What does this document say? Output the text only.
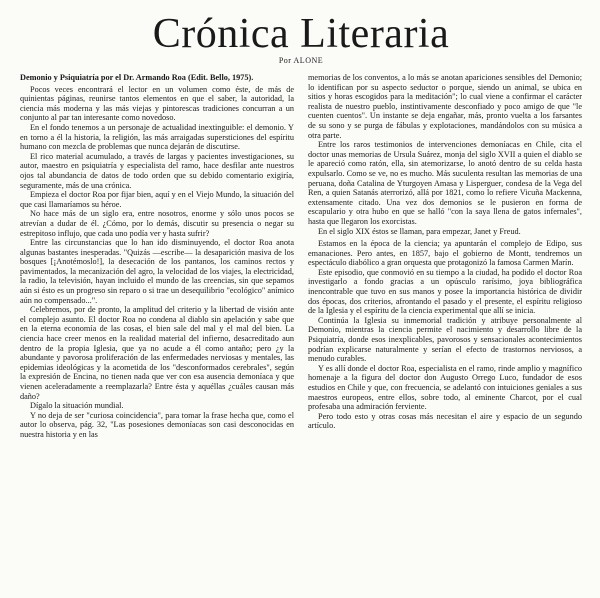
Crónica Literaria
Por ALONE

Demonio y Psiquiatría por el Dr. Armando Roa (Edit. Bello, 1975).

Pocos veces encontrará el lector en un volumen como éste, de más de quinientas páginas, reunirse tantos elementos en que el saber, la autoridad, la ciencia más moderna y las más viejas y pintorescas tradiciones concurran a un conjunto al par tan interesante como novedoso.

En el fondo tenemos a un personaje de actualidad inextinguible: el demonio. Y en torno a él la historia, la religión, las más arraigadas supersticiones del espíritu humano con mezcla de problemas que nunca dejarán de discutirse.

El rico material acumulado, a través de largas y pacientes investigaciones, su autor, maestro en psiquiatría y especialista del ramo, hace desfilar ante nuestros ojos tal abundancia de datos de todo orden que su debido comentario exigiría, seguramente, más de una crónica.

Empieza el doctor Roa por fijar bien, aquí y en el Viejo Mundo, la situación del que casi llamaríamos su héroe.

No hace más de un siglo era, entre nosotros, enorme y sólo unos pocos se atrevían a dudar de él. ¿Cómo, por lo demás, discutir su presencia o negar su estrepitoso influjo, que cada uno podía ver y hasta sufrir?

Entre las circunstancias que lo han ido disminuyendo, el doctor Roa anota algunas bastantes inesperadas. "Quizás —escribe— la desaparición masiva de los bosques [¡Anotémoslo!], la desecación de los pantanos, los caminos rectos y pavimentados, la mecanización del agro, la velocidad de los viajes, la electricidad, la radio, la televisión, hayan incluido el mundo de las creencias, sin que sepamos aún si ésto es un progreso sin reparo o si trae un desequilibrio "ecológico" anímico aún no compensado...".

Celebremos, por de pronto, la amplitud del criterio y la libertad de visión ante el complejo asunto. El doctor Roa no condena al diablo sin apelación y sabe que en la eterna economía de las cosas, el bien sale del mal y el mal del bien. La ciencia hace creer menos en la realidad material del infierno, desacreditado aun dentro de la propia Iglesia, que ya no acude a él como antaño; pero ¿y la abundante y pavorosa proliferación de las enfermedades nerviosas y mentales, las epidemias ideológicas y la acometida de los "desconformados cerebrales", según la expresión de Encina, no tienen nada que ver con esa ausencia demoníaca y que vienen aceleradamente a reemplazarla? Entre ésta y aquéllas ¿cuáles causan más daño?

Dígalo la situación mundial.

Y no deja de ser "curiosa coincidencia", para tomar la frase hecha que, como el autor lo observa, pág. 32, "Las posesiones demoníacas son casi desconocidas en nuestra historia y en las

memorias de los conventos, a lo más se anotan apariciones sensibles del Demonio; lo identifican por su aspecto seductor o porque, siendo un animal, se ubica en sitios y horas escogidos para la meditación"; lo cual viene a confirmar el carácter realista de nuestro pueblo, instintivamente desconfiado y poco amigo de que "le cuenten cuentos". Un instante se deja engañar, más, pronto vuelta a los farsantes de su sono y se purga de fábulas y explotaciones, mandándolos con su música a otra parte.

Entre los raros testimonios de intervenciones demoníacas en Chile, cita el doctor unas memorias de Ursula Suárez, monja del siglo XVII a quien el diablo se le apareció como ratón, ella, sin atemorizarse, lo anotó dentro de su celda hasta expulsarlo. Como se ve, no es mucho. Más suculenta resultan las memorias de una peruana, doña Catalina de Yturgoyen Amasa y Lisperguer, condesa de la Vega del Ren, a quien Satanás aterrorizó, allá por 1821, como lo refiere Vicuña Mackenna, extensamente citado. Una vez dos demonios se le pusieron en forma de escapulario y otra hubo en que se halló "con la saya llena de gatos infernales", hasta que llegaron los exorcistas.

En el siglo XIX éstos se llaman, para empezar, Janet y Freud.

Estamos en la época de la ciencia; ya apuntarán el complejo de Edipo, sus emanaciones. Pero antes, en 1857, bajo el gobierno de Montt, tendremos un espectáculo diabólico a gran orquesta que protagonizó la famosa Carmen Marín.

Este episodio, que conmovió en su tiempo a la ciudad, ha podido el doctor Roa investigarlo a fondo gracias a un opúsculo rarísimo, joya bibliográfica inencontrable que tuvo en sus manos y posee la importancia histórica de dividir dos épocas, dos criterios, afrontando el pasado y el presente, el espíritu religioso de la Iglesia y el espíritu de la ciencia experimental que allí se inicia.

Continúa la Iglesia su inmemorial tradición y atribuye personalmente al Demonio, mientras la ciencia permite el nacimiento y desarrollo libre de la Psiquiatría, donde esos inexplicables, pavorosos y sensacionales acontecimientos podrían explicarse naturalmente y serían el efecto de trastornos nerviosos, a menudo curables.

Y es allí donde el doctor Roa, especialista en el ramo, rinde amplio y magnífico homenaje a la figura del doctor don Augusto Orrego Luco, fundador de esos estudios en Chile y que, con frecuencia, se adelantó con intuiciones geniales a sus maestros europeos, entre ellos, sobre todo, al eminente Charcot, por el cual profesaba una admiración ferviente.

Pero todo esto y otras cosas más necesitan el aire y espacio de un segundo artículo.
